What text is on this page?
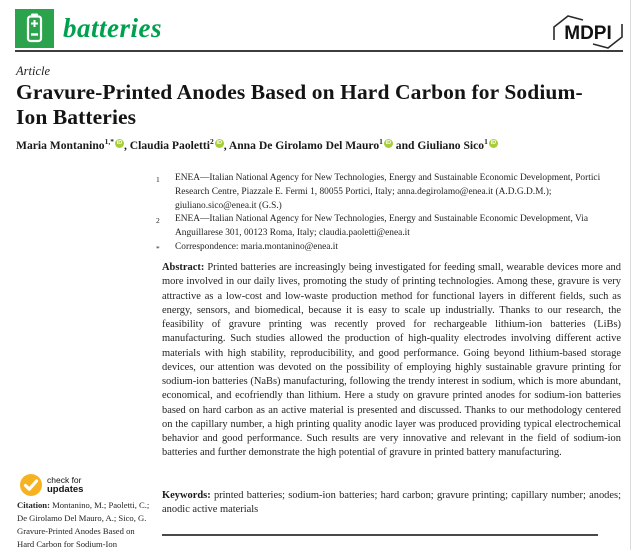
batteries	MDPI
Article
Gravure-Printed Anodes Based on Hard Carbon for Sodium-Ion Batteries
Maria Montanino$^{1,*}$ iD , Claudia Paoletti$^2$ iD , Anna De Girolamo Del Mauro$^1$ iD and Giuliano Sico$^1$ iD
1	ENEA—Italian National Agency for New Technologies, Energy and Sustainable Economic Development, Portici Research Centre, Piazzale E. Fermi 1, 80055 Portici, Italy; anna.degirolamo@enea.it (A.D.G.D.M.); giuliano.sico@enea.it (G.S.)
2	ENEA—Italian National Agency for New Technologies, Energy and Sustainable Economic Development, Via Anguillarese 301, 00123 Roma, Italy; claudia.paoletti@enea.it
*	Correspondence: maria.montanino@enea.it

Abstract: Printed batteries are increasingly being investigated for feeding small, wearable devices more and more involved in our daily lives, promoting the study of printing technologies. Among these, gravure is very attractive as a low-cost and low-waste production method for functional layers in different fields, such as energy, sensors, and biomedical, because it is easy to scale up industrially. Thanks to our research, the feasibility of gravure printing was recently proved for rechargeable lithium-ion batteries (LiBs) manufacturing. Such studies allowed the production of high-quality electrodes involving different active materials with high stability, reproducibility, and good performance. Going beyond lithium-based storage devices, our attention was devoted on the possibility of employing highly sustainable gravure printing for sodium-ion batteries (NaBs) manufacturing, following the trendy interest in sodium, which is more abundant, economical, and ecofriendly than lithium. Here a study on gravure printed anodes for sodium-ion batteries based on hard carbon as an active material is presented and discussed. Thanks to our methodology centered on the capillary number, a high printing quality anodic layer was produced providing typical electrochemical behavior and good performance. Such results are very innovative and relevant in the field of sodium-ion batteries and further demonstrate the high potential of gravure in printed battery manufacturing.

Keywords: printed batteries; sodium-ion batteries; hard carbon; gravure printing; capillary number; anodes; anodic active materials

check for
updates

Citation: Montanino, M.; Paoletti, C.; De Girolamo Del Mauro, A.; Sico, G. Gravure-Printed Anodes Based on Hard Carbon for Sodium-Ion
